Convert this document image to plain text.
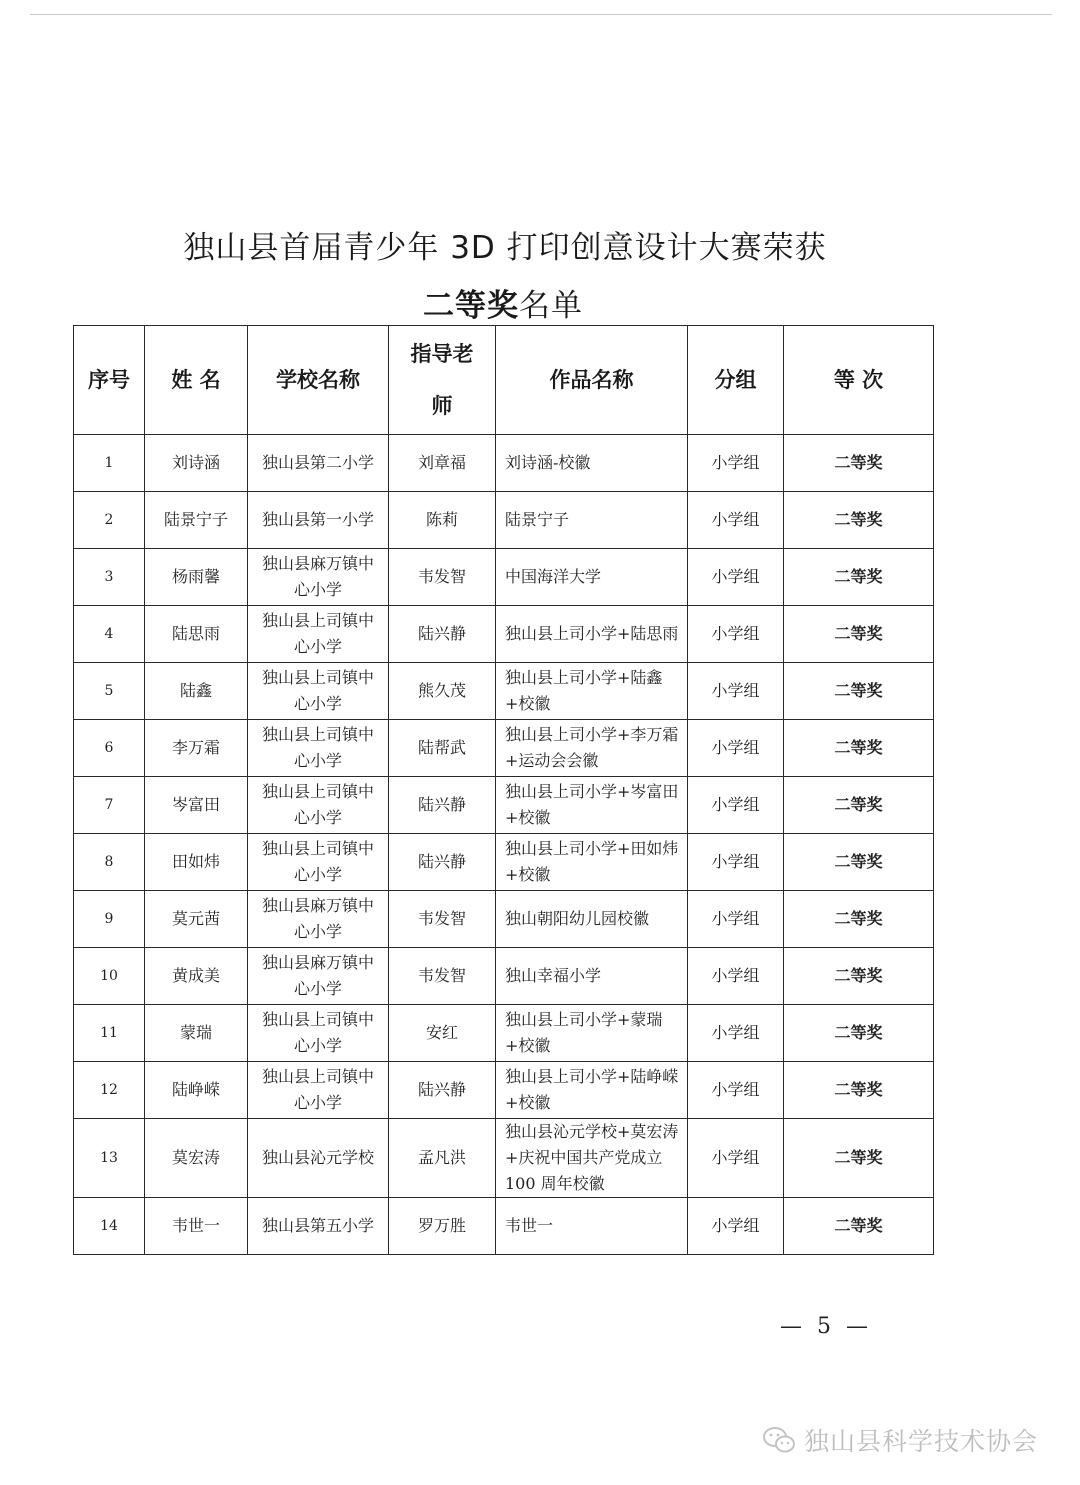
独山县首届青少年 3D 打印创意设计大赛荣获
二等奖名单
序号	姓 名	学校名称	指导老师	作品名称	分组	等 次
1	刘诗涵	独山县第二小学	刘章福	刘诗涵-校徽	小学组	二等奖
2	陆景宁子	独山县第一小学	陈莉	陆景宁子	小学组	二等奖
3	杨雨馨	独山县麻万镇中心小学	韦发智	中国海洋大学	小学组	二等奖
4	陆思雨	独山县上司镇中心小学	陆兴静	独山县上司小学+陆思雨	小学组	二等奖
5	陆鑫	独山县上司镇中心小学	熊久茂	独山县上司小学+陆鑫+校徽	小学组	二等奖
6	李万霜	独山县上司镇中心小学	陆帮武	独山县上司小学+李万霜+运动会会徽	小学组	二等奖
7	岑富田	独山县上司镇中心小学	陆兴静	独山县上司小学+岑富田+校徽	小学组	二等奖
8	田如炜	独山县上司镇中心小学	陆兴静	独山县上司小学+田如炜+校徽	小学组	二等奖
9	莫元茜	独山县麻万镇中心小学	韦发智	独山朝阳幼儿园校徽	小学组	二等奖
10	黄成美	独山县麻万镇中心小学	韦发智	独山幸福小学	小学组	二等奖
11	蒙瑞	独山县上司镇中心小学	安红	独山县上司小学+蒙瑞+校徽	小学组	二等奖
12	陆峥嵘	独山县上司镇中心小学	陆兴静	独山县上司小学+陆峥嵘+校徽	小学组	二等奖
13	莫宏涛	独山县沁元学校	孟凡洪	独山县沁元学校+莫宏涛+庆祝中国共产党成立 100 周年校徽	小学组	二等奖
14	韦世一	独山县第五小学	罗万胜	韦世一	小学组	二等奖
— 5 —
独山县科学技术协会
